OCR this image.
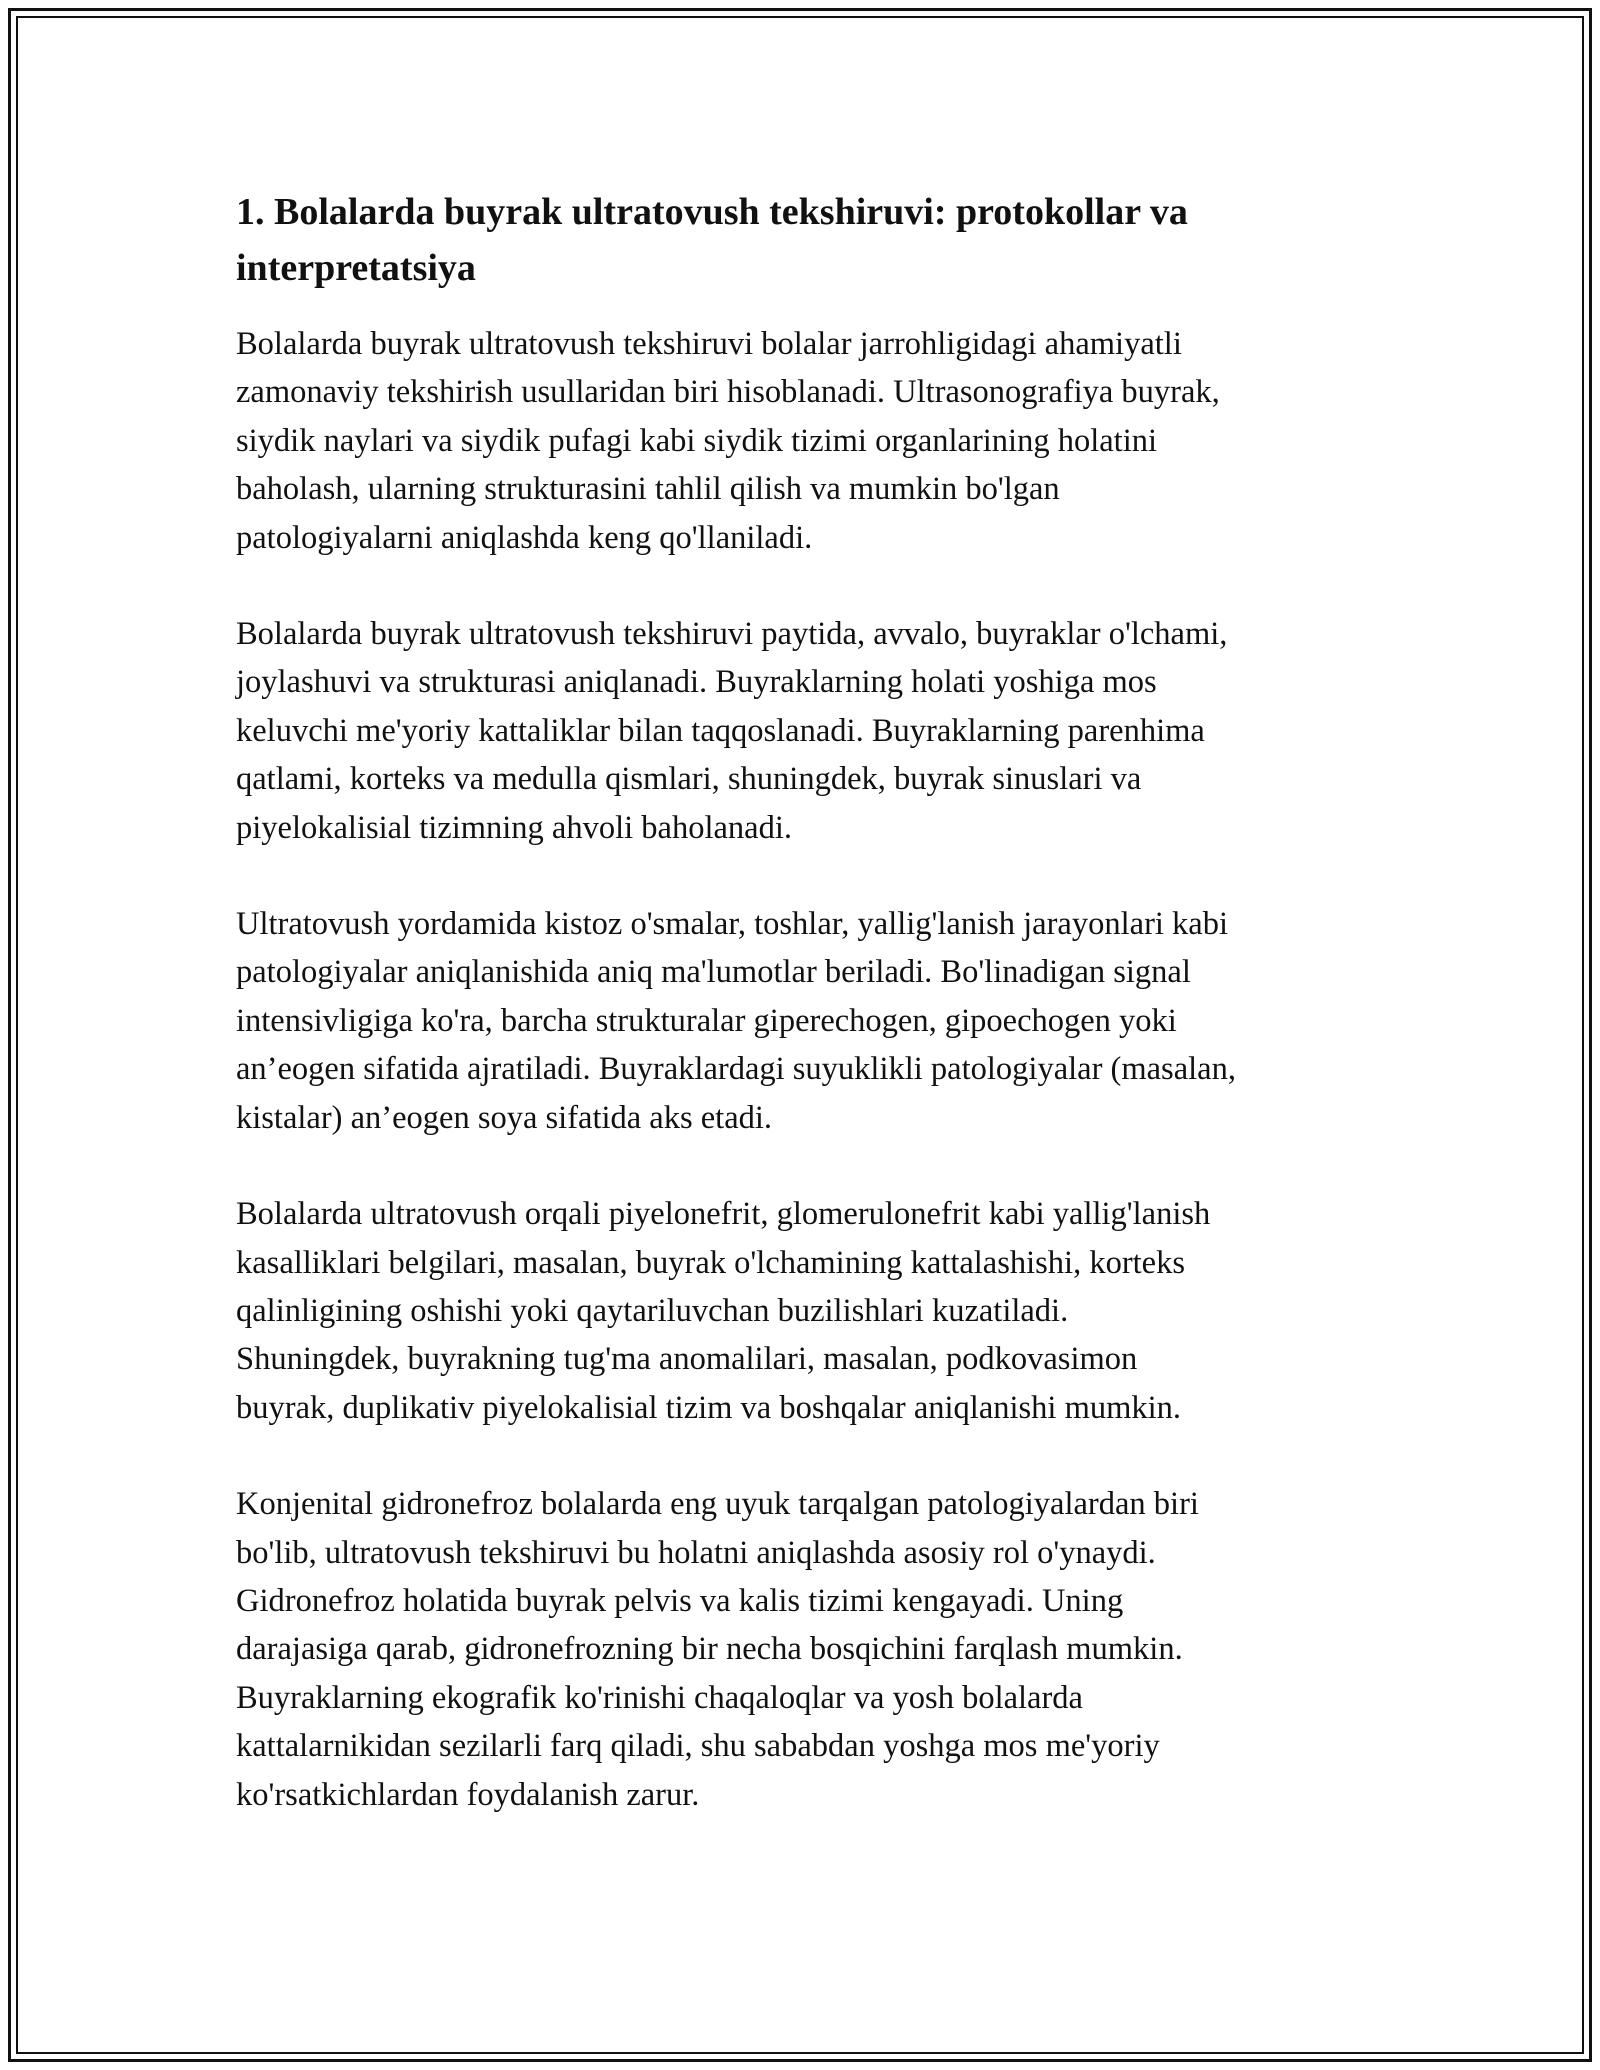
1. Bolalarda buyrak ultratovush tekshiruvi: protokollar va
interpretatsiya

Bolalarda buyrak ultratovush tekshiruvi bolalar jarrohligidagi ahamiyatli
zamonaviy tekshirish usullaridan biri hisoblanadi. Ultrasonografiya buyrak,
siydik naylari va siydik pufagi kabi siydik tizimi organlarining holatini
baholash, ularning strukturasini tahlil qilish va mumkin bo'lgan
patologiyalarni aniqlashda keng qo'llaniladi.

Bolalarda buyrak ultratovush tekshiruvi paytida, avvalo, buyraklar o'lchami,
joylashuvi va strukturasi aniqlanadi. Buyraklarning holati yoshiga mos
keluvchi me'yoriy kattaliklar bilan taqqoslanadi. Buyraklarning parenhima
qatlami, korteks va medulla qismlari, shuningdek, buyrak sinuslari va
piyelokalisial tizimning ahvoli baholanadi.

Ultratovush yordamida kistoz o'smalar, toshlar, yallig'lanish jarayonlari kabi
patologiyalar aniqlanishida aniq ma'lumotlar beriladi. Bo'linadigan signal
intensivligiga ko'ra, barcha strukturalar giperechogen, gipoechogen yoki
an’eogen sifatida ajratiladi. Buyraklardagi suyuklikli patologiyalar (masalan,
kistalar) an’eogen soya sifatida aks etadi.

Bolalarda ultratovush orqali piyelonefrit, glomerulonefrit kabi yallig'lanish
kasalliklari belgilari, masalan, buyrak o'lchamining kattalashishi, korteks
qalinligining oshishi yoki qaytariluvchan buzilishlari kuzatiladi.
Shuningdek, buyrakning tug'ma anomalilari, masalan, podkovasimon
buyrak, duplikativ piyelokalisial tizim va boshqalar aniqlanishi mumkin.

Konjenital gidronefroz bolalarda eng uyuk tarqalgan patologiyalardan biri
bo'lib, ultratovush tekshiruvi bu holatni aniqlashda asosiy rol o'ynaydi.
Gidronefroz holatida buyrak pelvis va kalis tizimi kengayadi. Uning
darajasiga qarab, gidronefrozning bir necha bosqichini farqlash mumkin.
Buyraklarning ekografik ko'rinishi chaqaloqlar va yosh bolalarda
kattalarnikidan sezilarli farq qiladi, shu sababdan yoshga mos me'yoriy
ko'rsatkichlardan foydalanish zarur.
